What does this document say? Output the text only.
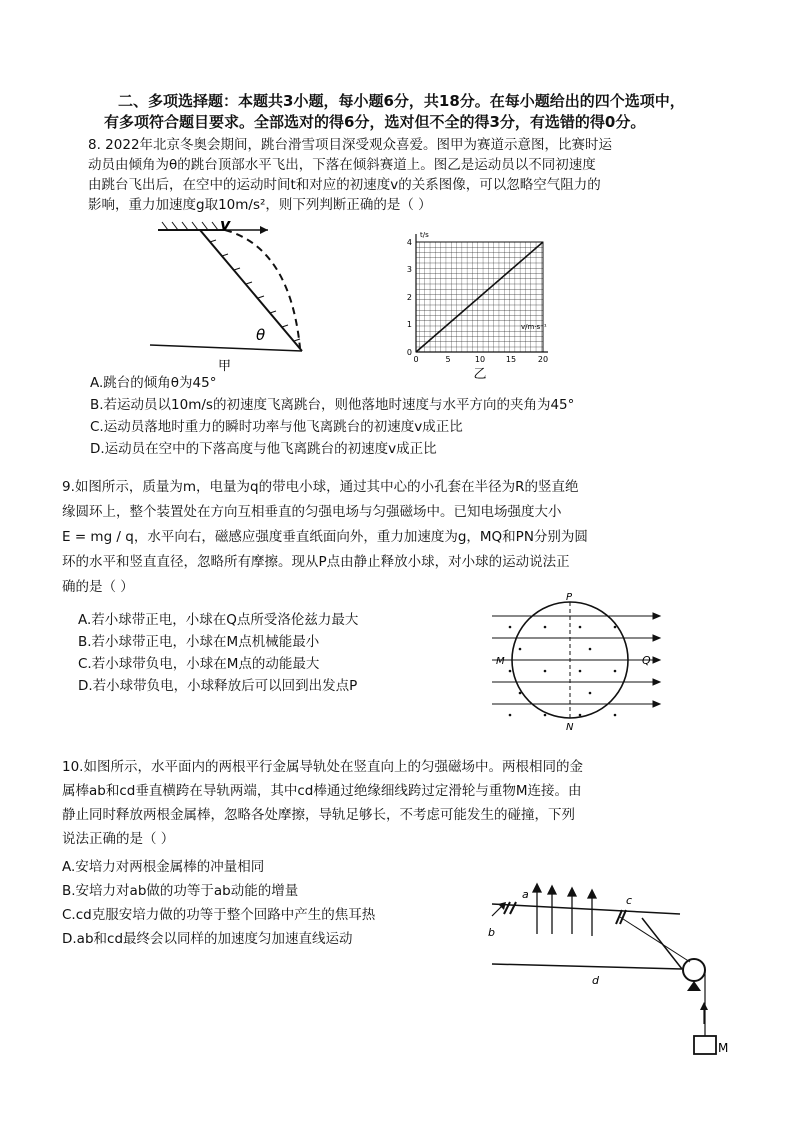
二、多项选择题：本题共3小题，每小题6分，共18分。在每小题给出的四个选项中，
有多项符合题目要求。全部选对的得6分，选对但不全的得3分，有选错的得0分。
8. 2022年北京冬奥会期间，跳台滑雪项目深受观众喜爱。图甲为赛道示意图，比赛时运
动员由倾角为θ的跳台顶部水平飞出，下落在倾斜赛道上。图乙是运动员以不同初速度
由跳台飞出后，在空中的运动时间t和对应的初速度v的关系图像，可以忽略空气阻力的
影响，重力加速度g取10m/s²，则下列判断正确的是（ ）
v
θ
甲
t/s
v/m·s⁻¹
0
1
2
3
4
0	5	10	15	20
乙
A.跳台的倾角θ为45°
B.若运动员以10m/s的初速度飞离跳台，则他落地时速度与水平方向的夹角为45°
C.运动员落地时重力的瞬时功率与他飞离跳台的初速度v成正比
D.运动员在空中的下落高度与他飞离跳台的初速度v成正比
9.如图所示，质量为m，电量为q的带电小球，通过其中心的小孔套在半径为R的竖直绝
缘圆环上，整个装置处在方向互相垂直的匀强电场与匀强磁场中。已知电场强度大小
E = mg / q，水平向右，磁感应强度垂直纸面向外，重力加速度为g，MQ和PN分别为圆
环的水平和竖直直径，忽略所有摩擦。现从P点由静止释放小球，对小球的运动说法正
确的是（ ）
A.若小球带正电，小球在Q点所受洛伦兹力最大
B.若小球带正电，小球在M点机械能最小
C.若小球带负电，小球在M点的动能最大
D.若小球带负电，小球释放后可以回到出发点P
P
Q
M
N
10.如图所示，水平面内的两根平行金属导轨处在竖直向上的匀强磁场中。两根相同的金
属棒ab和cd垂直横跨在导轨两端，其中cd棒通过绝缘细线跨过定滑轮与重物M连接。由
静止同时释放两根金属棒，忽略各处摩擦，导轨足够长，不考虑可能发生的碰撞，下列
说法正确的是（ ）
A.安培力对两根金属棒的冲量相同
B.安培力对ab做的功等于ab动能的增量
C.cd克服安培力做的功等于整个回路中产生的焦耳热
D.ab和cd最终会以同样的加速度匀加速直线运动
a	c
d
b
M
